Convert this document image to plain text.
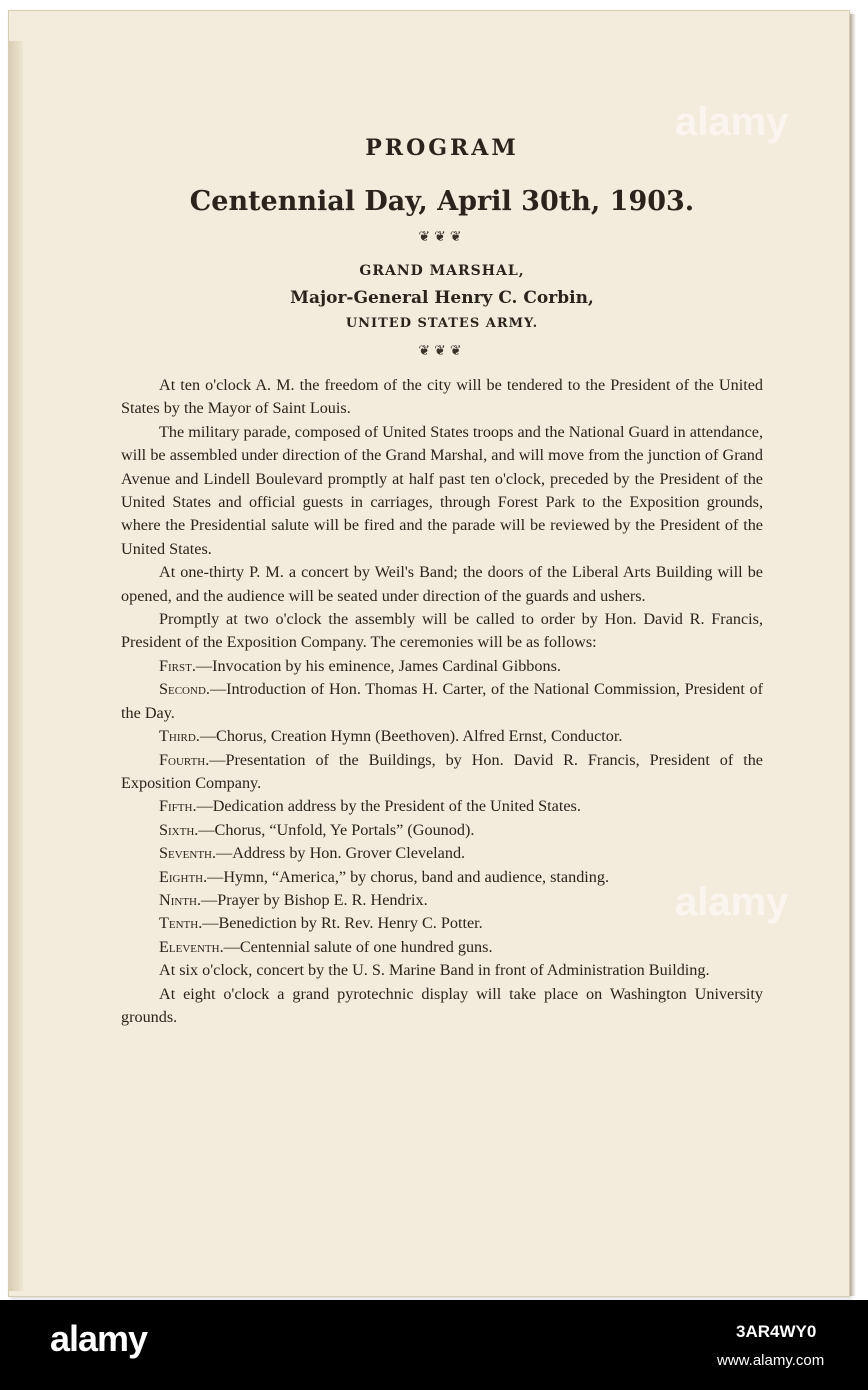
alamy
alamy
PROGRAM
Centennial Day, April 30th, 1903.
❦❦❦
GRAND MARSHAL,
Major-General Henry C. Corbin,
UNITED STATES ARMY.
❦❦❦

At ten o'clock A. M. the freedom of the city will be tendered to the President of the United States by the Mayor of Saint Louis.

The military parade, composed of United States troops and the National Guard in attendance, will be assembled under direction of the Grand Marshal, and will move from the junction of Grand Avenue and Lindell Boulevard promptly at half past ten o'clock, preceded by the President of the United States and official guests in carriages, through Forest Park to the Exposition grounds, where the Presidential salute will be fired and the parade will be reviewed by the President of the United States.

At one-thirty P. M. a concert by Weil's Band; the doors of the Liberal Arts Building will be opened, and the audience will be seated under direction of the guards and ushers.

Promptly at two o'clock the assembly will be called to order by Hon. David R. Francis, President of the Exposition Company. The ceremonies will be as follows:

First.—Invocation by his eminence, James Cardinal Gibbons.

Second.—Introduction of Hon. Thomas H. Carter, of the National Commission, President of the Day.

Third.—Chorus, Creation Hymn (Beethoven). Alfred Ernst, Conductor.

Fourth.—Presentation of the Buildings, by Hon. David R. Francis, President of the Exposition Company.

Fifth.—Dedication address by the President of the United States.

Sixth.—Chorus, “Unfold, Ye Portals” (Gounod).

Seventh.—Address by Hon. Grover Cleveland.

Eighth.—Hymn, “America,” by chorus, band and audience, standing.

Ninth.—Prayer by Bishop E. R. Hendrix.

Tenth.—Benediction by Rt. Rev. Henry C. Potter.

Eleventh.—Centennial salute of one hundred guns.

At six o'clock, concert by the U. S. Marine Band in front of Administration Building.

At eight o'clock a grand pyrotechnic display will take place on Washington University grounds.

alamy	3AR4WY0
www.alamy.com
